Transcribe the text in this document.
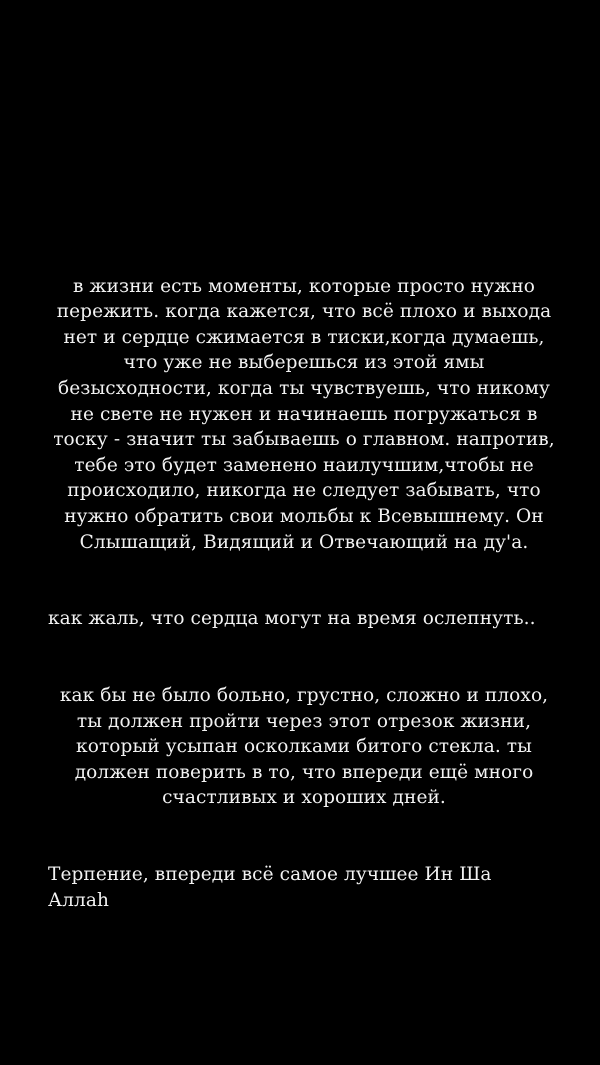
в жизни есть моменты, которые просто нужно
пережить. когда кажется, что всё плохо и выхода
нет и сердце сжимается в тиски,когда думаешь,
что уже не выберешься из этой ямы
безысходности, когда ты чувствуешь, что никому
не свете не нужен и начинаешь погружаться в
тоску - значит ты забываешь о главном. напротив,
тебе это будет заменено наилучшим,чтобы не
происходило, никогда не следует забывать, что
нужно обратить свои мольбы к Всевышнему. Он
Слышащий, Видящий и Отвечающий на ду'а.

как жаль, что сердца могут на время ослепнуть..

как бы не было больно, грустно, сложно и плохо,
ты должен пройти через этот отрезок жизни,
который усыпан осколками битого стекла. ты
должен поверить в то, что впереди ещё много
счастливых и хороших дней.

Терпение, впереди всё самое лучшее Ин Ша
Аллаh
